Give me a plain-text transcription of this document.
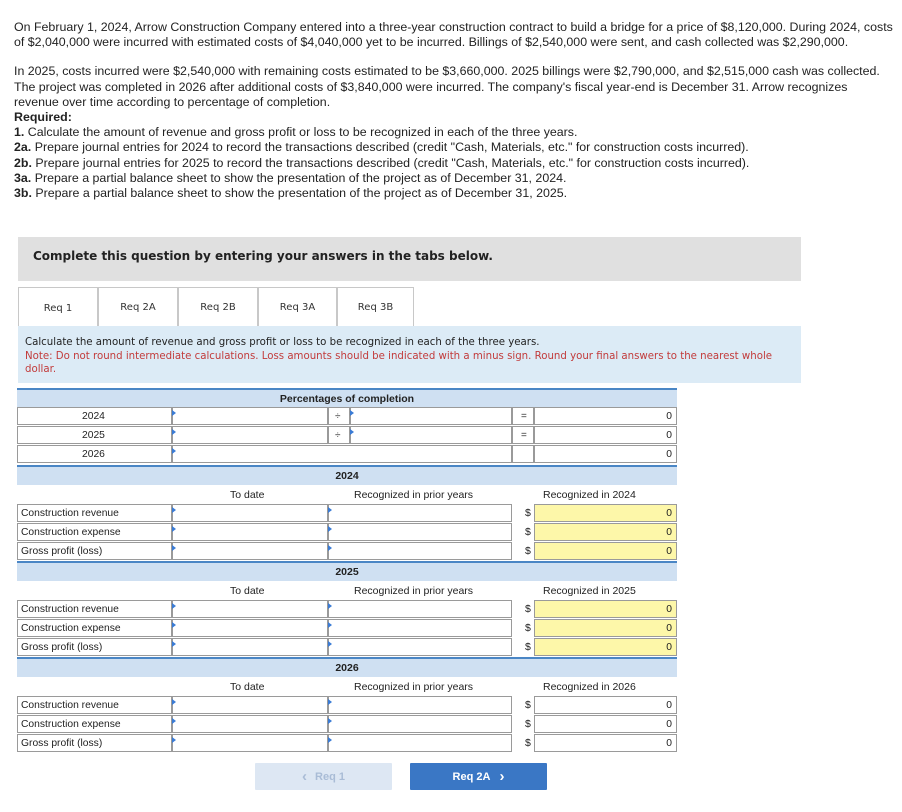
On February 1, 2024, Arrow Construction Company entered into a three-year construction contract to build a bridge for a price of $8,120,000. During 2024, costs of $2,040,000 were incurred with estimated costs of $4,040,000 yet to be incurred. Billings of $2,540,000 were sent, and cash collected was $2,290,000.

In 2025, costs incurred were $2,540,000 with remaining costs estimated to be $3,660,000. 2025 billings were $2,790,000, and $2,515,000 cash was collected. The project was completed in 2026 after additional costs of $3,840,000 were incurred. The company's fiscal year-end is December 31. Arrow recognizes revenue over time according to percentage of completion.

Required:

1. Calculate the amount of revenue and gross profit or loss to be recognized in each of the three years.

2a. Prepare journal entries for 2024 to record the transactions described (credit "Cash, Materials, etc." for construction costs incurred).

2b. Prepare journal entries for 2025 to record the transactions described (credit "Cash, Materials, etc." for construction costs incurred).

3a. Prepare a partial balance sheet to show the presentation of the project as of December 31, 2024.

3b. Prepare a partial balance sheet to show the presentation of the project as of December 31, 2025.

Complete this question by entering your answers in the tabs below.
Req 1	Req 2A	Req 2B	Req 3A	Req 3B
Calculate the amount of revenue and gross profit or loss to be recognized in each of the three years.
Note: Do not round intermediate calculations. Loss amounts should be indicated with a minus sign. Round your final answers to the nearest whole dollar.
Percentages of completion
2024	÷	=	0
2025	÷	=	0
2026	0
2024
To date	Recognized in prior years	Recognized in 2024
Construction revenue	$	0
Construction expense	$	0
Gross profit (loss)	$	0
2025
To date	Recognized in prior years	Recognized in 2025
Construction revenue	$	0
Construction expense	$	0
Gross profit (loss)	$	0
2026
To date	Recognized in prior years	Recognized in 2026
Construction revenue	$	0
Construction expense	$	0
Gross profit (loss)	$	0
‹ Req 1	Req 2A ›
